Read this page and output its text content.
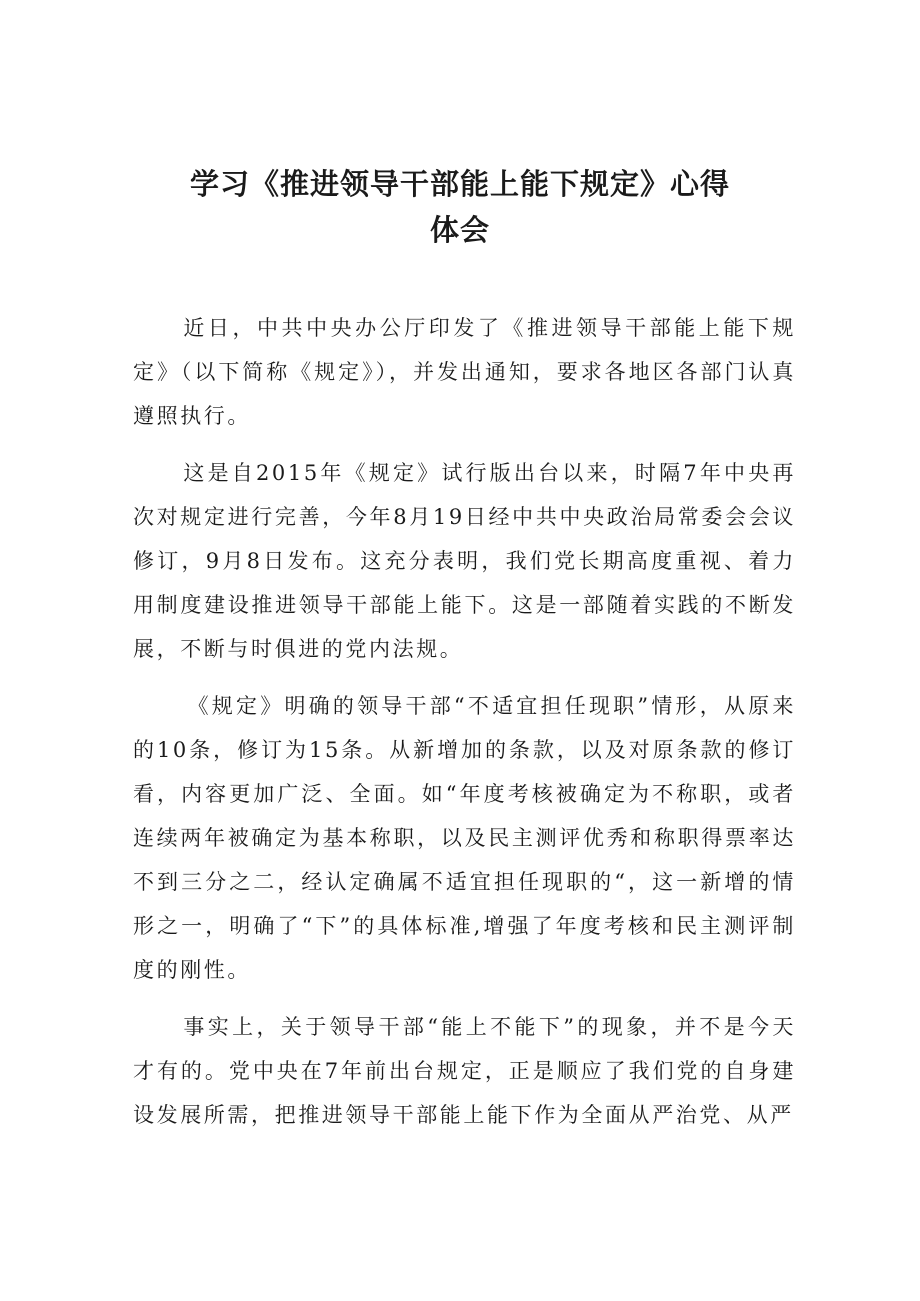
学习《推进领导干部能上能下规定》心得
体会

近日，中共中央办公厅印发了《推进领导干部能上能下规定》（以下简称《规定》），并发出通知，要求各地区各部门认真遵照执行。

这是自2015年《规定》试行版出台以来，时隔7年中央再次对规定进行完善，今年8月19日经中共中央政治局常委会会议修订，9月8日发布。这充分表明，我们党长期高度重视、着力用制度建设推进领导干部能上能下。这是一部随着实践的不断发展，不断与时俱进的党内法规。

《规定》明确的领导干部“不适宜担任现职”情形，从原来的10条，修订为15条。从新增加的条款，以及对原条款的修订看，内容更加广泛、全面。如“年度考核被确定为不称职，或者连续两年被确定为基本称职，以及民主测评优秀和称职得票率达不到三分之二，经认定确属不适宜担任现职的“，这一新增的情形之一，明确了“下”的具体标准,增强了年度考核和民主测评制度的刚性。

事实上，关于领导干部“能上不能下”的现象，并不是今天才有的。党中央在7年前出台规定，正是顺应了我们党的自身建设发展所需，把推进领导干部能上能下作为全面从严治党、从严
